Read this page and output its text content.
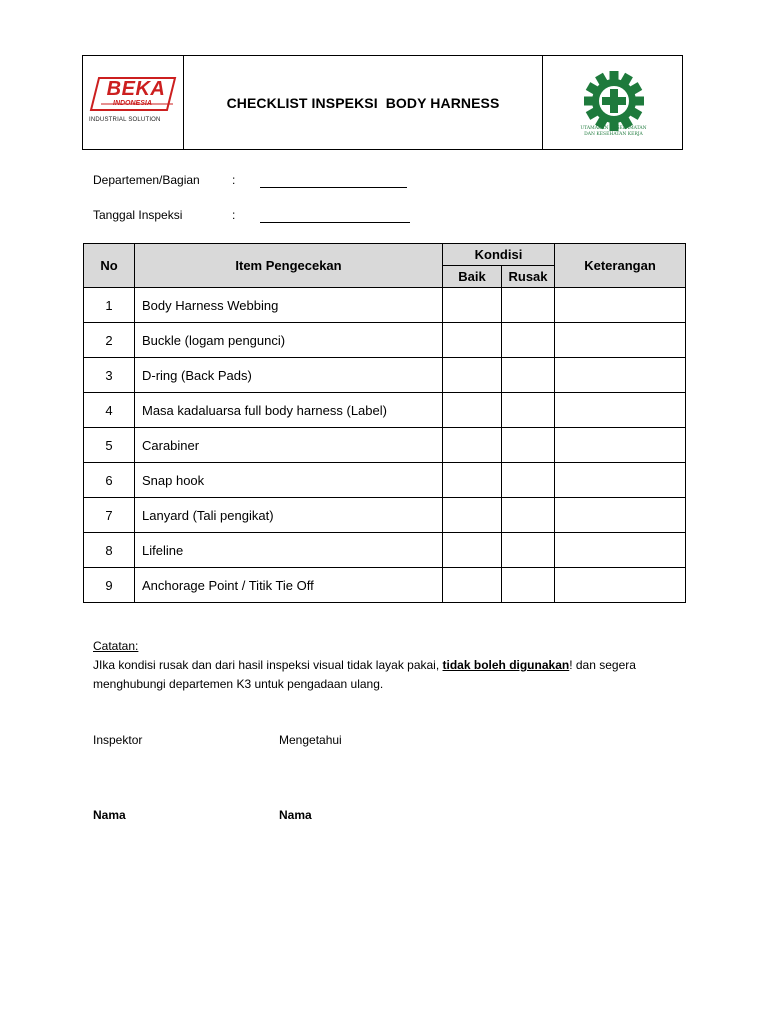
BEKA
INDONESIA
INDUSTRIAL SOLUTION
CHECKLIST INSPEKSI  BODY HARNESS
UTAMAKAN KESELAMATAN
DAN KESEHATAN KERJA
Departemen/Bagian	:
Tanggal Inspeksi	:
No	Item Pengecekan	Kondisi		Keterangan
		Baik	Rusak	
1	Body Harness Webbing			
2	Buckle (logam pengunci)			
3	D-ring (Back Pads)			
4	Masa kadaluarsa full body harness (Label)			
5	Carabiner			
6	Snap hook			
7	Lanyard (Tali pengikat)			
8	Lifeline			
9	Anchorage Point / Titik Tie Off			
Catatan:
JIka kondisi rusak dan dari hasil inspeksi visual tidak layak pakai, tidak boleh digunakan! dan segera menghubungi departemen K3 untuk pengadaan ulang.
Inspektor	Mengetahui
Nama	Nama
